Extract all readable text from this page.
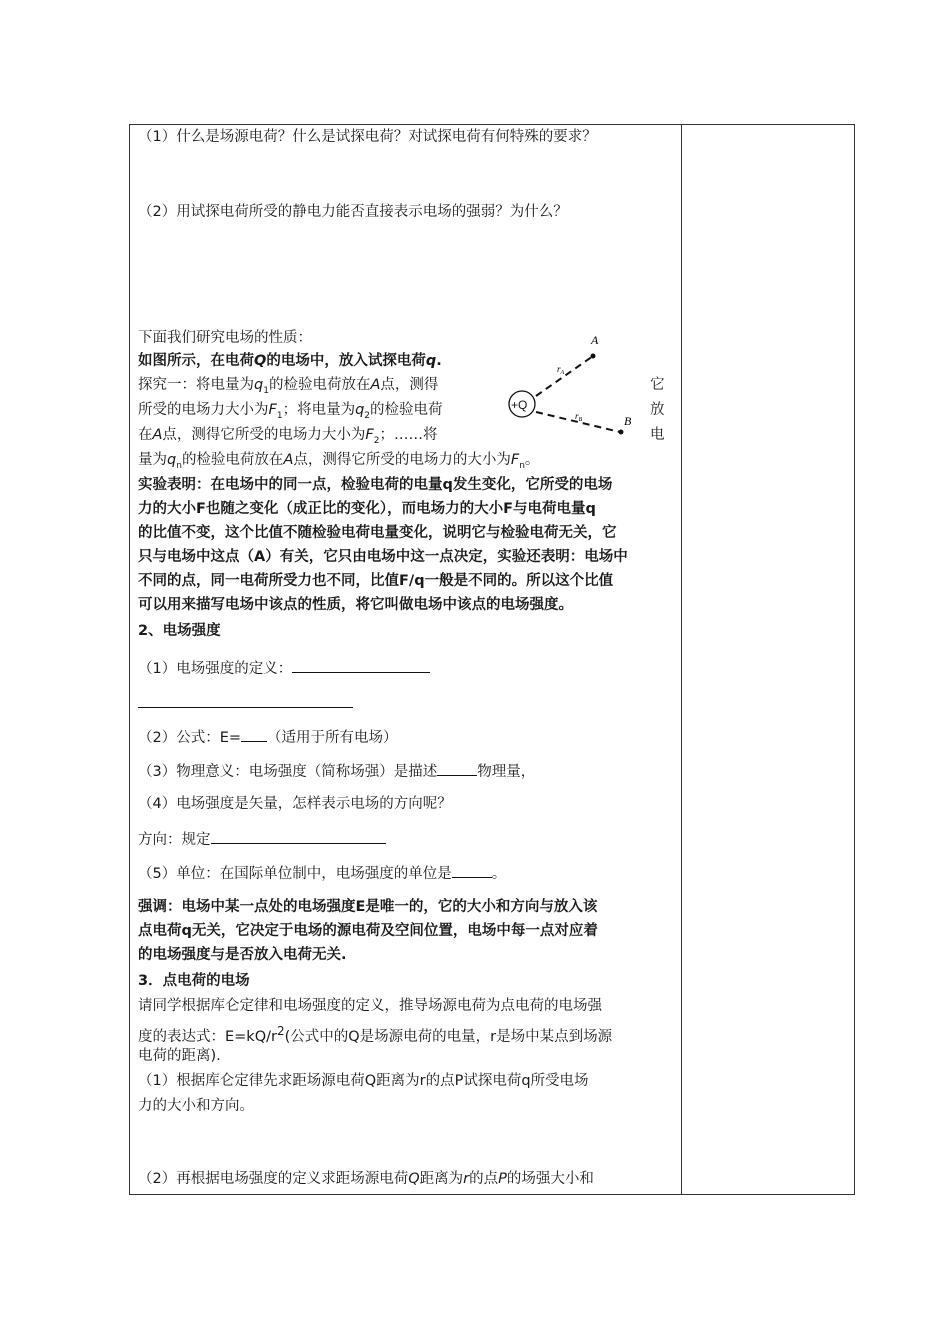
（1）什么是场源电荷？什么是试探电荷？对试探电荷有何特殊的要求？
（2）用试探电荷所受的静电力能否直接表示电场的强弱？为什么？
下面我们研究电场的性质：
如图所示，在电荷Q的电场中，放入试探电荷q.
探究一：将电量为$q_1$的检验电荷放在A点，测得
所受的电场力大小为$F_1$；将电量为$q_2$的检验电荷
在A点，测得它所受的电场力大小为$F_2$；……将
量为$q_n$的检验电荷放在A点，测得它所受的电场力的大小为$F_n$。
它
放
电
+Q
A
B
$r_A$
$r_B$
实验表明：在电场中的同一点，检验电荷的电量q发生变化，它所受的电场
力的大小F也随之变化（成正比的变化），而电场力的大小F与电荷电量q
的比值不变，这个比值不随检验电荷电量变化，说明它与检验电荷无关，它
只与电场中这点（A）有关，它只由电场中这一点决定，实验还表明：电场中
不同的点，同一电荷所受力也不同，比值F/q一般是不同的。所以这个比值
可以用来描写电场中该点的性质，将它叫做电场中该点的电场强度。
2、电场强度
（1）电场强度的定义：
（2）公式：E= （适用于所有电场）
（3）物理意义：电场强度（简称场强）是描述	物理量，
（4）电场强度是矢量，怎样表示电场的方向呢？
方向：规定
（5）单位：在国际单位制中，电场强度的单位是	。
强调：电场中某一点处的电场强度E是唯一的，它的大小和方向与放入该
点电荷q无关，它决定于电场的源电荷及空间位置，电场中每一点对应着
的电场强度与是否放入电荷无关.
3．点电荷的电场
请同学根据库仑定律和电场强度的定义，推导场源电荷为点电荷的电场强
度的表达式：$E=kQ/r^2$(公式中的Q是场源电荷的电量，r是场中某点到场源
电荷的距离).
（1）根据库仑定律先求距场源电荷Q距离为r的点P试探电荷q所受电场
力的大小和方向。
（2）再根据电场强度的定义求距场源电荷Q距离为r的点P的场强大小和
